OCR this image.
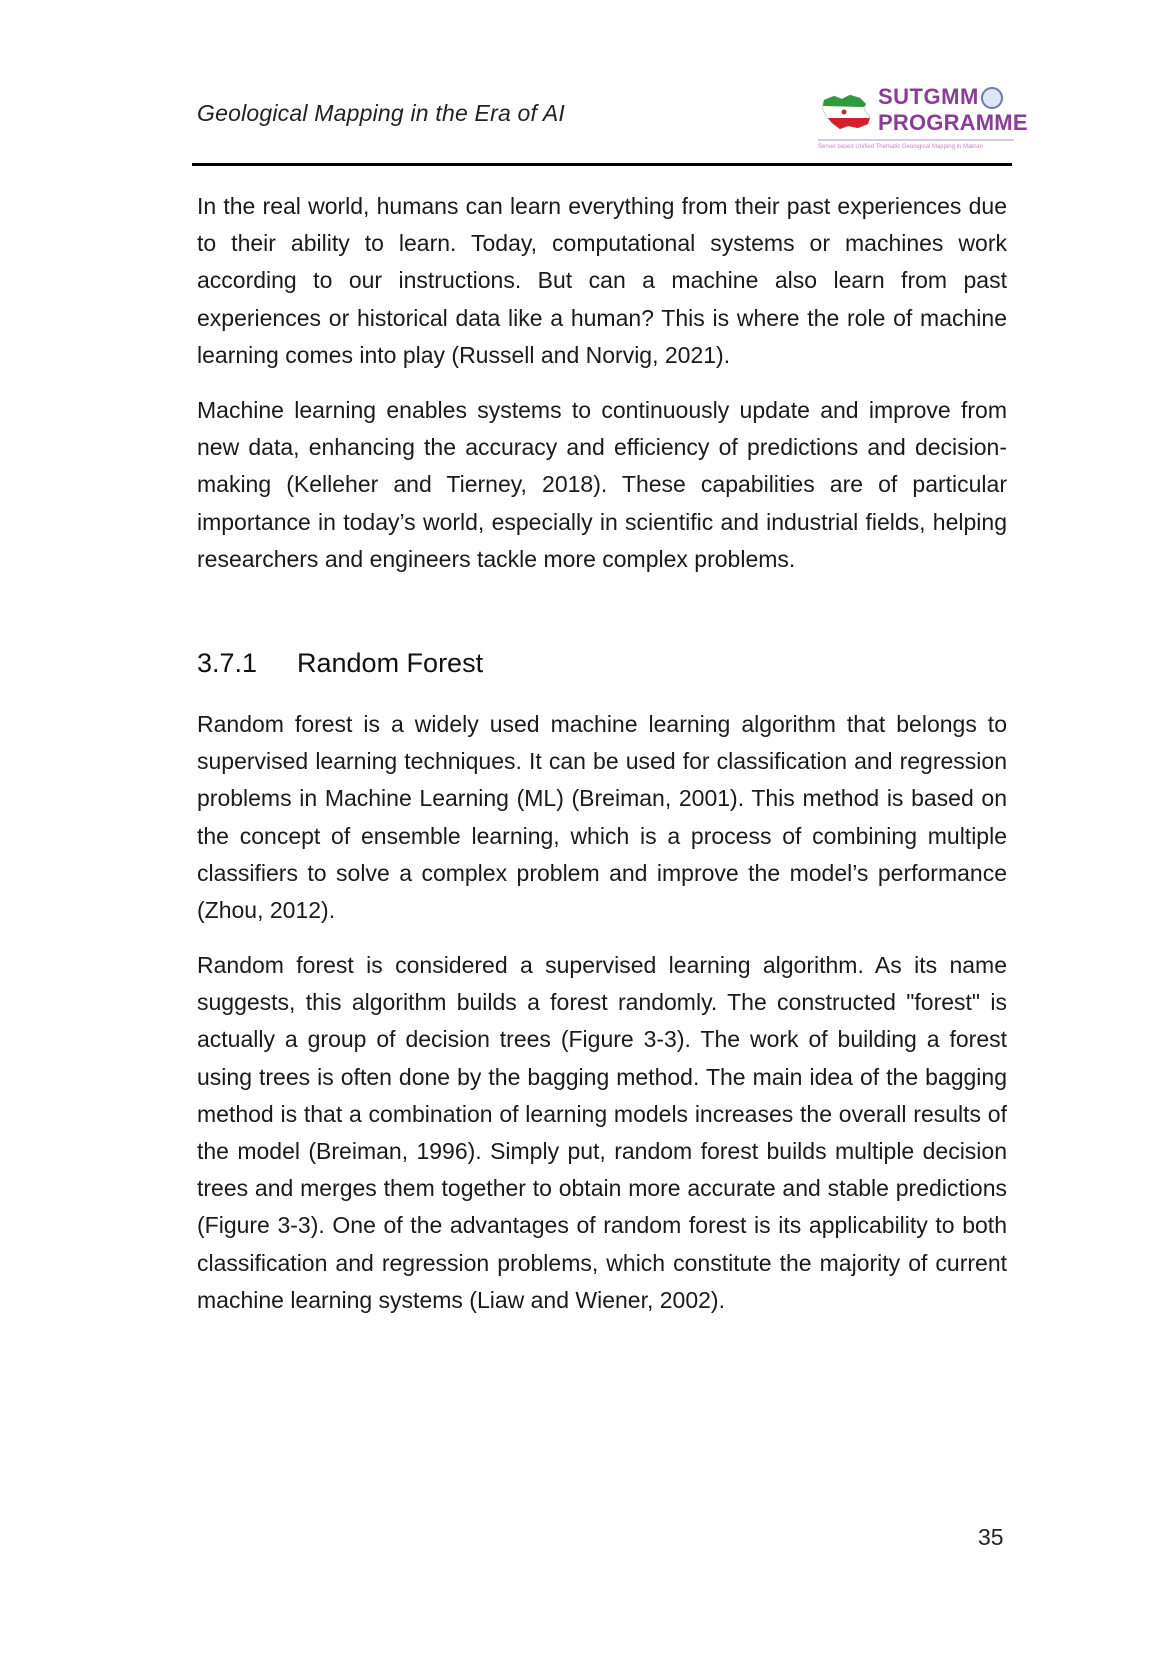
Geological Mapping in the Era of AI
SUTGMM
PROGRAMME
Server based Unified Thematic Geological Mapping in Makran

In the real world, humans can learn everything from their past experiences due to their ability to learn. Today, computational systems or machines work according to our instructions. But can a machine also learn from past experiences or historical data like a human? This is where the role of machine learning comes into play (Russell and Norvig, 2021).

Machine learning enables systems to continuously update and improve from new data, enhancing the accuracy and efficiency of predictions and decision-making (Kelleher and Tierney, 2018). These capabilities are of particular importance in today’s world, especially in scientific and industrial fields, helping researchers and engineers tackle more complex problems.

3.7.1 Random Forest

Random forest is a widely used machine learning algorithm that belongs to supervised learning techniques. It can be used for classification and regression problems in Machine Learning (ML) (Breiman, 2001). This method is based on the concept of ensemble learning, which is a process of combining multiple classifiers to solve a complex problem and improve the model’s performance (Zhou, 2012).

Random forest is considered a supervised learning algorithm. As its name suggests, this algorithm builds a forest randomly. The constructed "forest" is actually a group of decision trees (Figure 3-3). The work of building a forest using trees is often done by the bagging method. The main idea of the bagging method is that a combination of learning models increases the overall results of the model (Breiman, 1996). Simply put, random forest builds multiple decision trees and merges them together to obtain more accurate and stable predictions (Figure 3-3). One of the advantages of random forest is its applicability to both classification and regression problems, which constitute the majority of current machine learning systems (Liaw and Wiener, 2002).

35
